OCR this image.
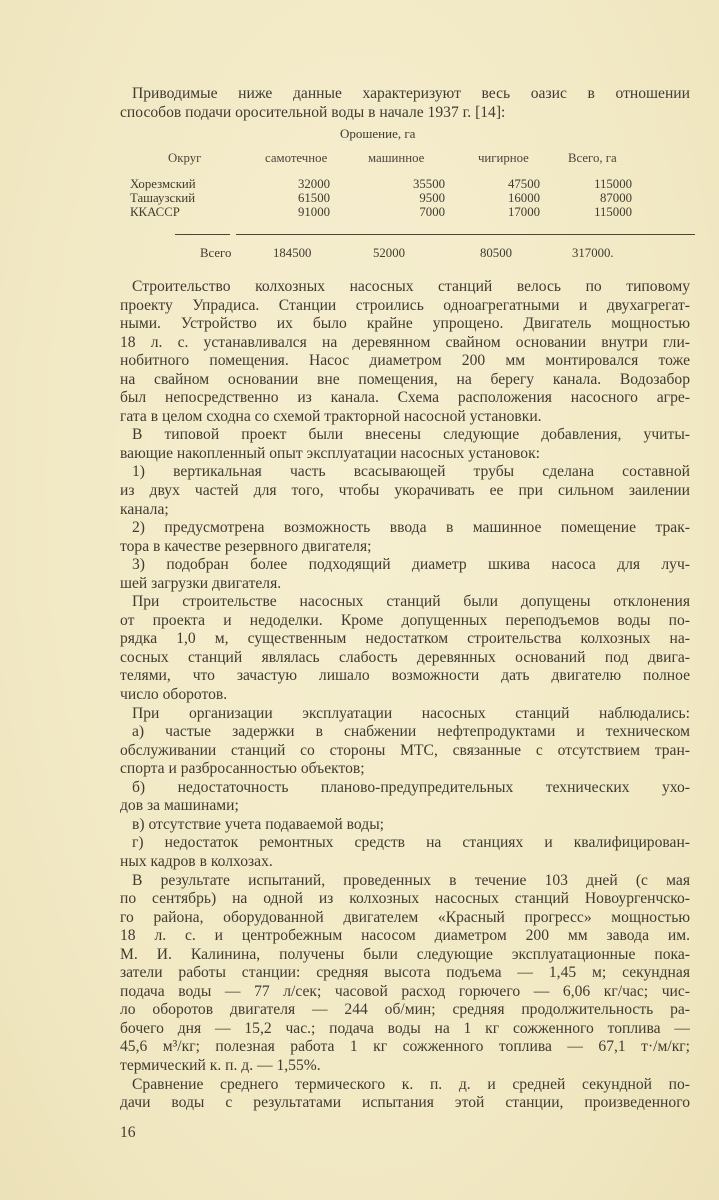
Приводимые ниже данные характеризуют весь оазис в отношении
способов подачи оросительной воды в начале 1937 г. [14]:
Орошение, га
Округ	самотечное	машинное	чигирное	Всего, га
Хорезмский	32000	35500	47500	115000
Ташаузский	61500	9500	16000	87000
ККАССР	91000	7000	17000	115000
Всего	184500	52000	80500	317000.
Строительство колхозных насосных станций велось по типовому
проекту Упрадиса. Станции строились одноагрегатными и двухагрегат-
ными. Устройство их было крайне упрощено. Двигатель мощностью
18 л. с. устанавливался на деревянном свайном основании внутри гли-
нобитного помещения. Насос диаметром 200 мм монтировался тоже
на свайном основании вне помещения, на берегу канала. Водозабор
был непосредственно из канала. Схема расположения насосного агре-
гата в целом сходна со схемой тракторной насосной установки.
В типовой проект были внесены следующие добавления, учиты-
вающие накопленный опыт эксплуатации насосных установок:
1) вертикальная часть всасывающей трубы сделана составной
из двух частей для того, чтобы укорачивать ее при сильном заилении
канала;
2) предусмотрена возможность ввода в машинное помещение трак-
тора в качестве резервного двигателя;
3) подобран более подходящий диаметр шкива насоса для луч-
шей загрузки двигателя.
При строительстве насосных станций были допущены отклонения
от проекта и недоделки. Кроме допущенных переподъемов воды по-
рядка 1,0 м, существенным недостатком строительства колхозных на-
сосных станций являлась слабость деревянных оснований под двига-
телями, что зачастую лишало возможности дать двигателю полное
число оборотов.
При организации эксплуатации насосных станций наблюдались:
а) частые задержки в снабжении нефтепродуктами и техническом
обслуживании станций со стороны МТС, связанные с отсутствием тран-
спорта и разбросанностью объектов;
б) недостаточность планово-предупредительных технических ухо-
дов за машинами;
в) отсутствие учета подаваемой воды;
г) недостаток ремонтных средств на станциях и квалифицирован-
ных кадров в колхозах.
В результате испытаний, проведенных в течение 103 дней (с мая
по сентябрь) на одной из колхозных насосных станций Новоургенчско-
го района, оборудованной двигателем «Красный прогресс» мощностью
18 л. с. и центробежным насосом диаметром 200 мм завода им.
М. И. Калинина, получены были следующие эксплуатационные пока-
затели работы станции: средняя высота подъема — 1,45 м; секундная
подача воды — 77 л/сек; часовой расход горючего — 6,06 кг/час; чис-
ло оборотов двигателя — 244 об/мин; средняя продолжительность ра-
бочего дня — 15,2 час.; подача воды на 1 кг сожженного топлива —
45,6 м³/кг; полезная работа 1 кг сожженного топлива — 67,1 т·/м/кг;
термический к. п. д. — 1,55%.
Сравнение среднего термического к. п. д. и средней секундной по-
дачи воды с результатами испытания этой станции, произведенного
16
